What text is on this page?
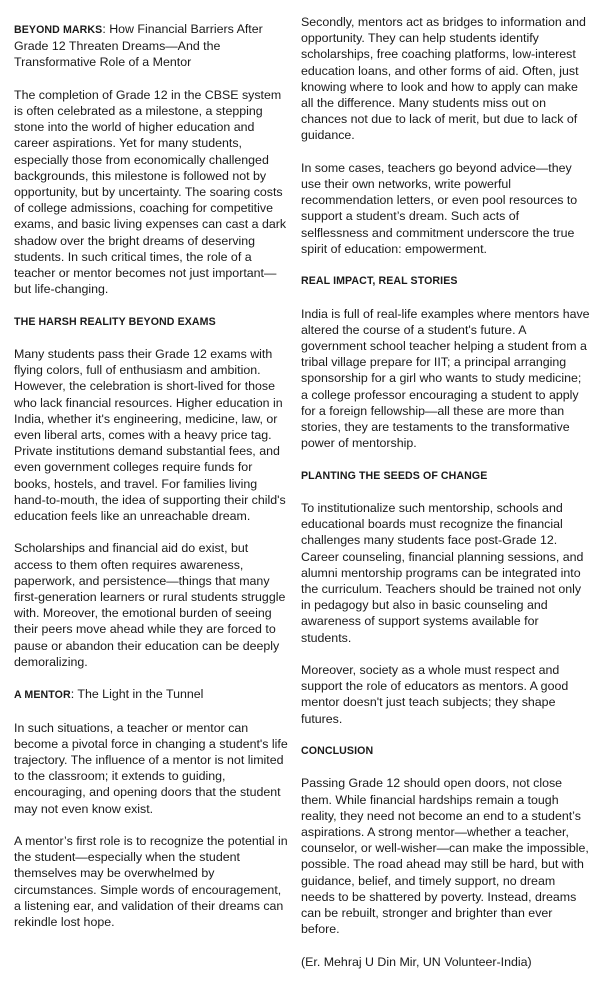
BEYOND MARKS: How Financial Barriers After Grade 12 Threaten Dreams—And the Transformative Role of a Mentor

The completion of Grade 12 in the CBSE system is often celebrated as a milestone, a stepping stone into the world of higher education and career aspirations. Yet for many students, especially those from economically challenged backgrounds, this milestone is followed not by opportunity, but by uncertainty. The soaring costs of college admissions, coaching for competitive exams, and basic living expenses can cast a dark shadow over the bright dreams of deserving students. In such critical times, the role of a teacher or mentor becomes not just important—but life-changing.

THE HARSH REALITY BEYOND EXAMS

Many students pass their Grade 12 exams with flying colors, full of enthusiasm and ambition. However, the celebration is short-lived for those who lack financial resources. Higher education in India, whether it's engineering, medicine, law, or even liberal arts, comes with a heavy price tag. Private institutions demand substantial fees, and even government colleges require funds for books, hostels, and travel. For families living hand-to-mouth, the idea of supporting their child's education feels like an unreachable dream.

Scholarships and financial aid do exist, but access to them often requires awareness, paperwork, and persistence—things that many first-generation learners or rural students struggle with. Moreover, the emotional burden of seeing their peers move ahead while they are forced to pause or abandon their education can be deeply demoralizing.

A MENTOR: The Light in the Tunnel

In such situations, a teacher or mentor can become a pivotal force in changing a student's life trajectory. The influence of a mentor is not limited to the classroom; it extends to guiding, encouraging, and opening doors that the student may not even know exist.

A mentor’s first role is to recognize the potential in the student—especially when the student themselves may be overwhelmed by circumstances. Simple words of encouragement, a listening ear, and validation of their dreams can rekindle lost hope.

Secondly, mentors act as bridges to information and opportunity. They can help students identify scholarships, free coaching platforms, low-interest education loans, and other forms of aid. Often, just knowing where to look and how to apply can make all the difference. Many students miss out on chances not due to lack of merit, but due to lack of guidance.

In some cases, teachers go beyond advice—they use their own networks, write powerful recommendation letters, or even pool resources to support a student’s dream. Such acts of selflessness and commitment underscore the true spirit of education: empowerment.

REAL IMPACT, REAL STORIES

India is full of real-life examples where mentors have altered the course of a student's future. A government school teacher helping a student from a tribal village prepare for IIT; a principal arranging sponsorship for a girl who wants to study medicine; a college professor encouraging a student to apply for a foreign fellowship—all these are more than stories, they are testaments to the transformative power of mentorship.

PLANTING THE SEEDS OF CHANGE

To institutionalize such mentorship, schools and educational boards must recognize the financial challenges many students face post-Grade 12. Career counseling, financial planning sessions, and alumni mentorship programs can be integrated into the curriculum. Teachers should be trained not only in pedagogy but also in basic counseling and awareness of support systems available for students.

Moreover, society as a whole must respect and support the role of educators as mentors. A good mentor doesn't just teach subjects; they shape futures.

CONCLUSION

Passing Grade 12 should open doors, not close them. While financial hardships remain a tough reality, they need not become an end to a student’s aspirations. A strong mentor—whether a teacher, counselor, or well-wisher—can make the impossible, possible. The road ahead may still be hard, but with guidance, belief, and timely support, no dream needs to be shattered by poverty. Instead, dreams can be rebuilt, stronger and brighter than ever before.

(Er. Mehraj U Din Mir, UN Volunteer-India)
